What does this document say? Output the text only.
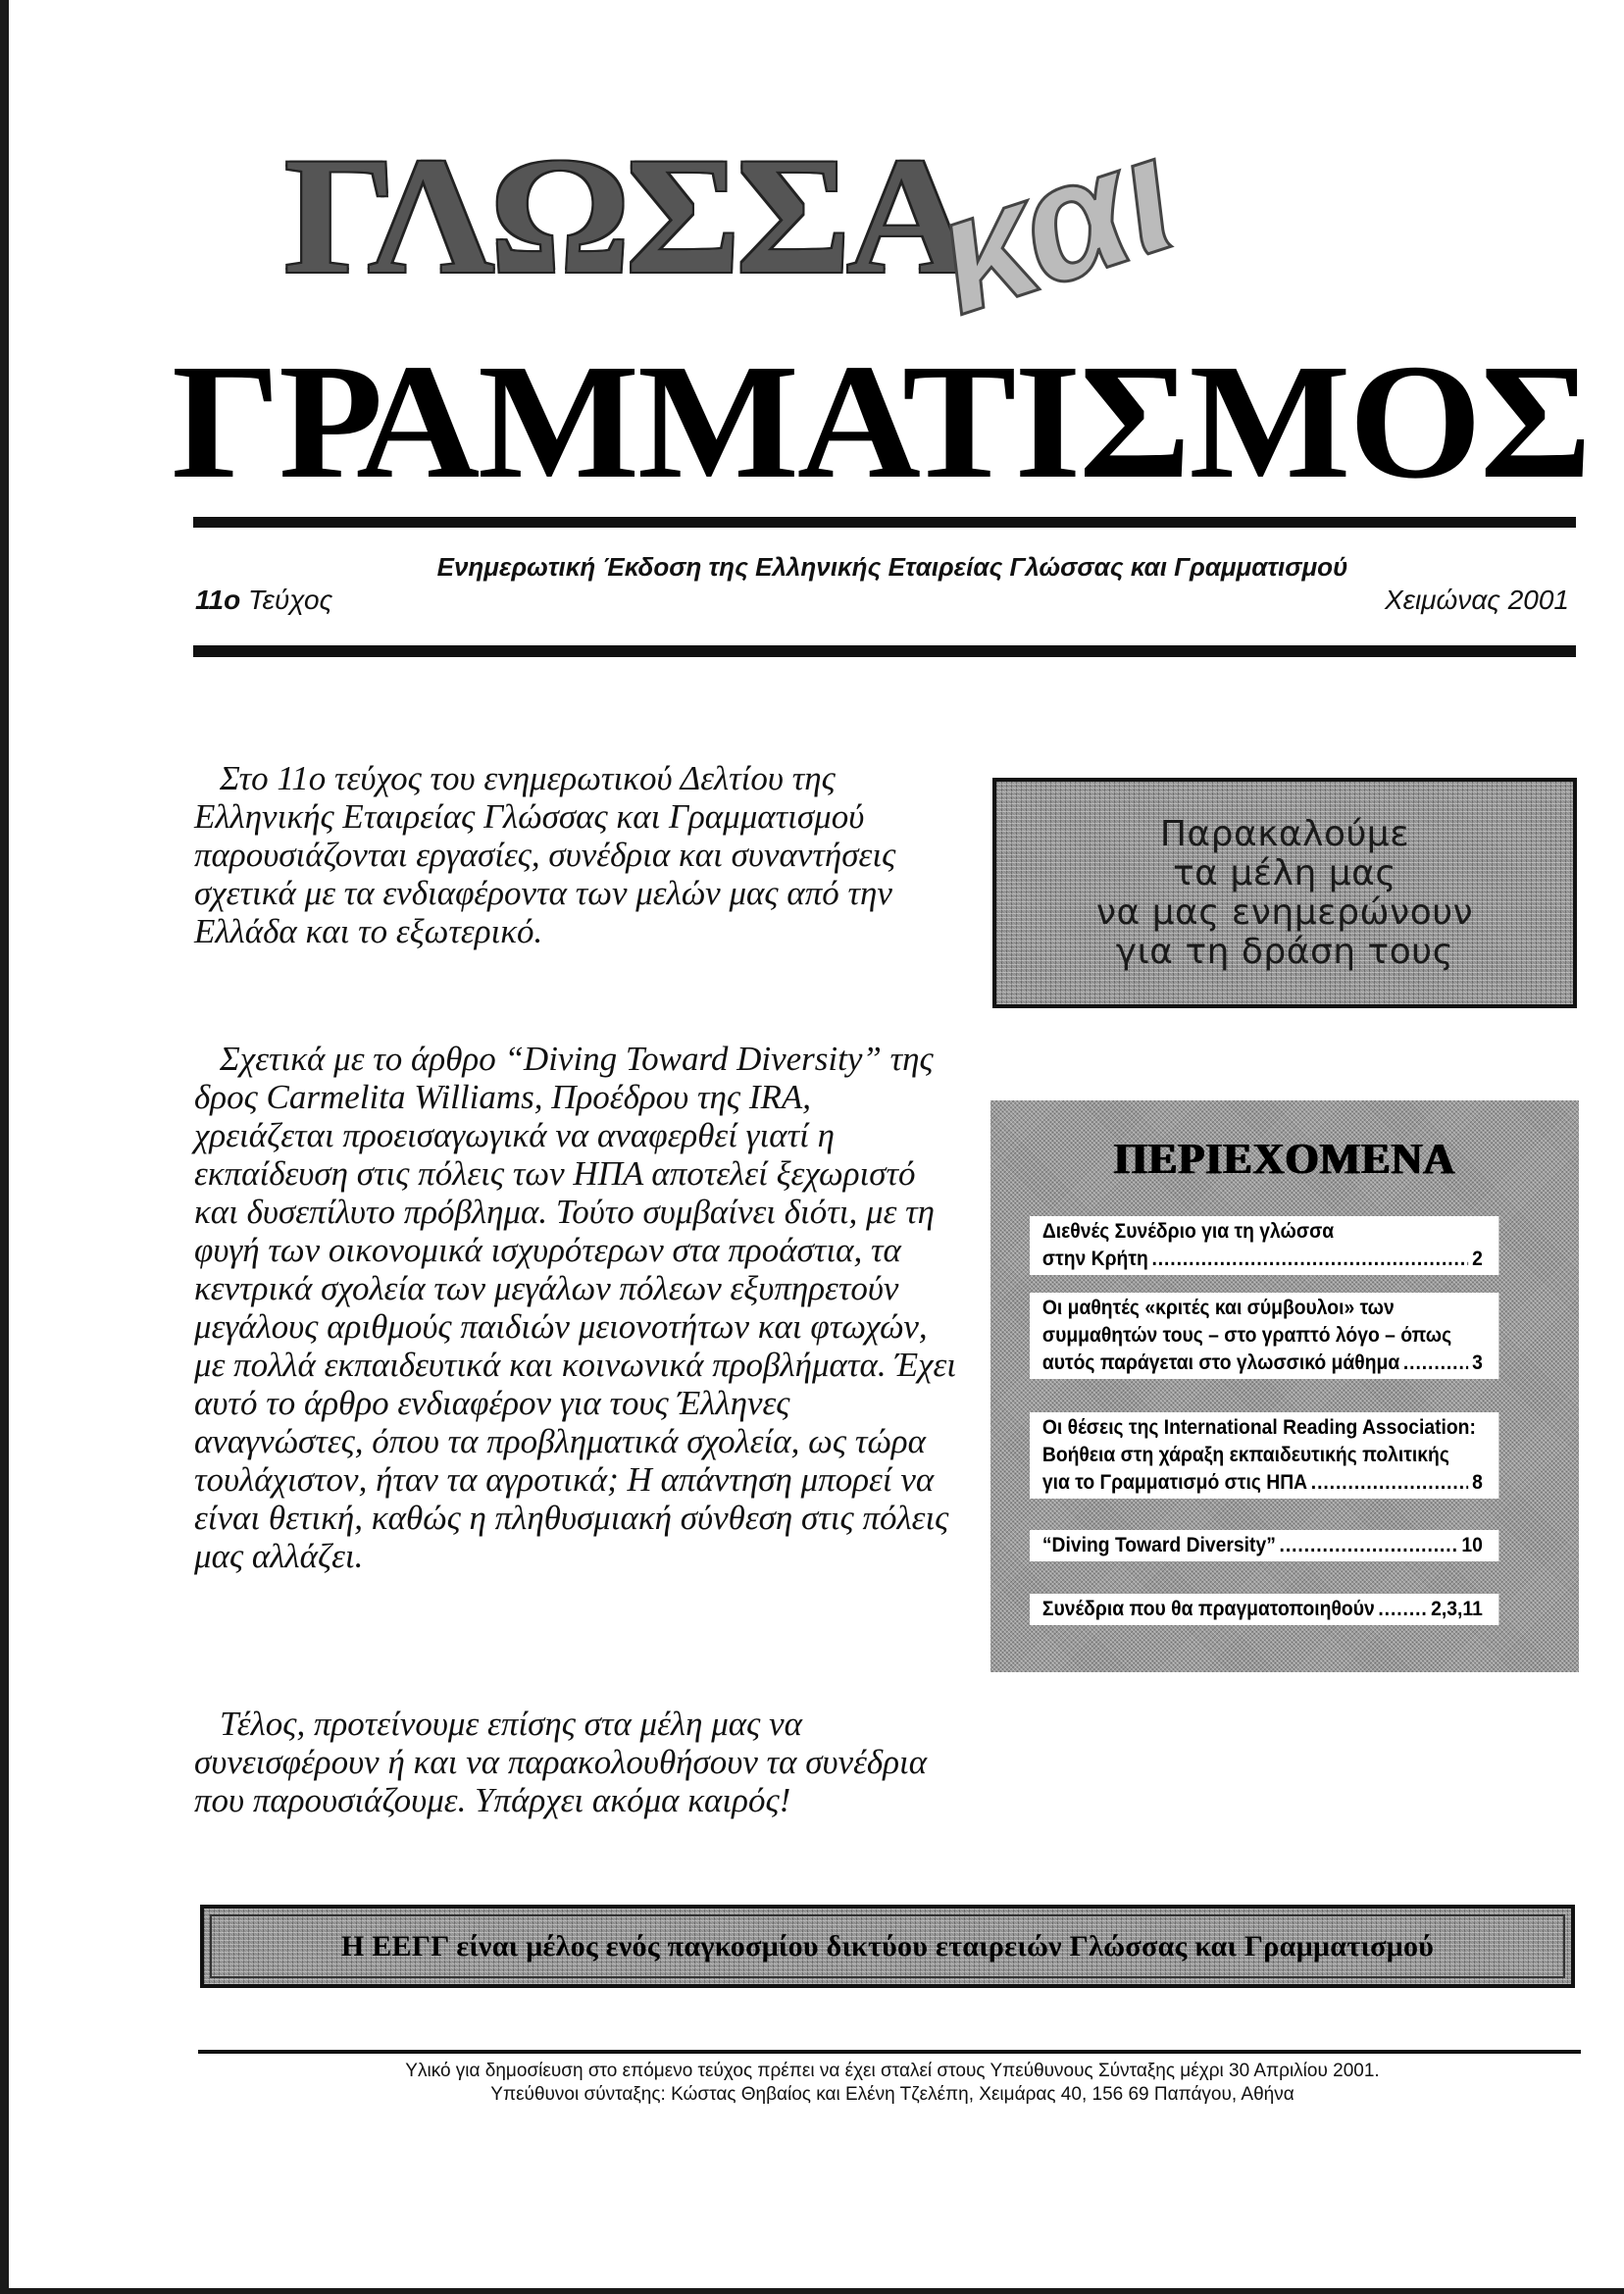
ΓΛΩΣΣΑ
και
ΓΡΑΜΜΑΤΙΣΜΟΣ
Ενημερωτική Έκδοση της Ελληνικής Εταιρείας Γλώσσας και Γραμματισμού
11ο Τεύχος	Χειμώνας 2001

Στο 11ο τεύχος του ενημερωτικού Δελτίου της Ελληνικής Εταιρείας Γλώσσας και Γραμματισμού παρουσιάζονται εργασίες, συνέδρια και συναντήσεις σχετικά με τα ενδιαφέροντα των μελών μας από την Ελλάδα και το εξωτερικό.

Σχετικά με το άρθρο “Diving Toward Diversity” της δρος Carmelita Williams, Προέδρου της IRA, χρειάζεται προεισαγωγικά να αναφερθεί γιατί η εκπαίδευση στις πόλεις των ΗΠΑ αποτελεί ξεχωριστό και δυσεπίλυτο πρόβλημα. Τούτο συμβαίνει διότι, με τη φυγή των οικονομικά ισχυρότερων στα προάστια, τα κεντρικά σχολεία των μεγάλων πόλεων εξυπηρετούν μεγάλους αριθμούς παιδιών μειονοτήτων και φτωχών, με πολλά εκπαιδευτικά και κοινωνικά προβλήματα. Έχει αυτό το άρθρο ενδιαφέρον για τους Έλληνες αναγνώστες, όπου τα προβληματικά σχολεία, ως τώρα τουλάχιστον, ήταν τα αγροτικά; Η απάντηση μπορεί να είναι θετική, καθώς η πληθυσμιακή σύνθεση στις πόλεις μας αλλάζει.

Τέλος, προτείνουμε επίσης στα μέλη μας να συνεισφέρουν ή και να παρακολουθήσουν τα συνέδρια που παρουσιάζουμε. Υπάρχει ακόμα καιρός!

Παρακαλούμε
τα μέλη μας
να μας ενημερώνουν
για τη δράση τους
ΠΕΡΙΕΧΟΜΕΝΑ
Διεθνές Συνέδριο για τη γλώσσα
στην Κρήτη .....	2
Οι μαθητές «κριτές και σύμβουλοι» των
συμμαθητών τους – στο γραπτό λόγο – όπως
αυτός παράγεται στο γλωσσικό μάθημα .....	3
Οι θέσεις της International Reading Association:
Βοήθεια στη χάραξη εκπαιδευτικής πολιτικής
για το Γραμματισμό στις ΗΠΑ .....	8
“Diving Toward Diversity” .....	10
Συνέδρια που θα πραγματοποιηθούν .....	2,3,11
Η ΕΕΓΓ είναι μέλος ενός παγκοσμίου δικτύου εταιρειών Γλώσσας και Γραμματισμού
Υλικό για δημοσίευση στο επόμενο τεύχος πρέπει να έχει σταλεί στους Υπεύθυνους Σύνταξης μέχρι 30 Απριλίου 2001.
Υπεύθυνοι σύνταξης: Κώστας Θηβαίος και Ελένη Τζελέπη, Χειμάρας 40, 156 69 Παπάγου, Αθήνα
